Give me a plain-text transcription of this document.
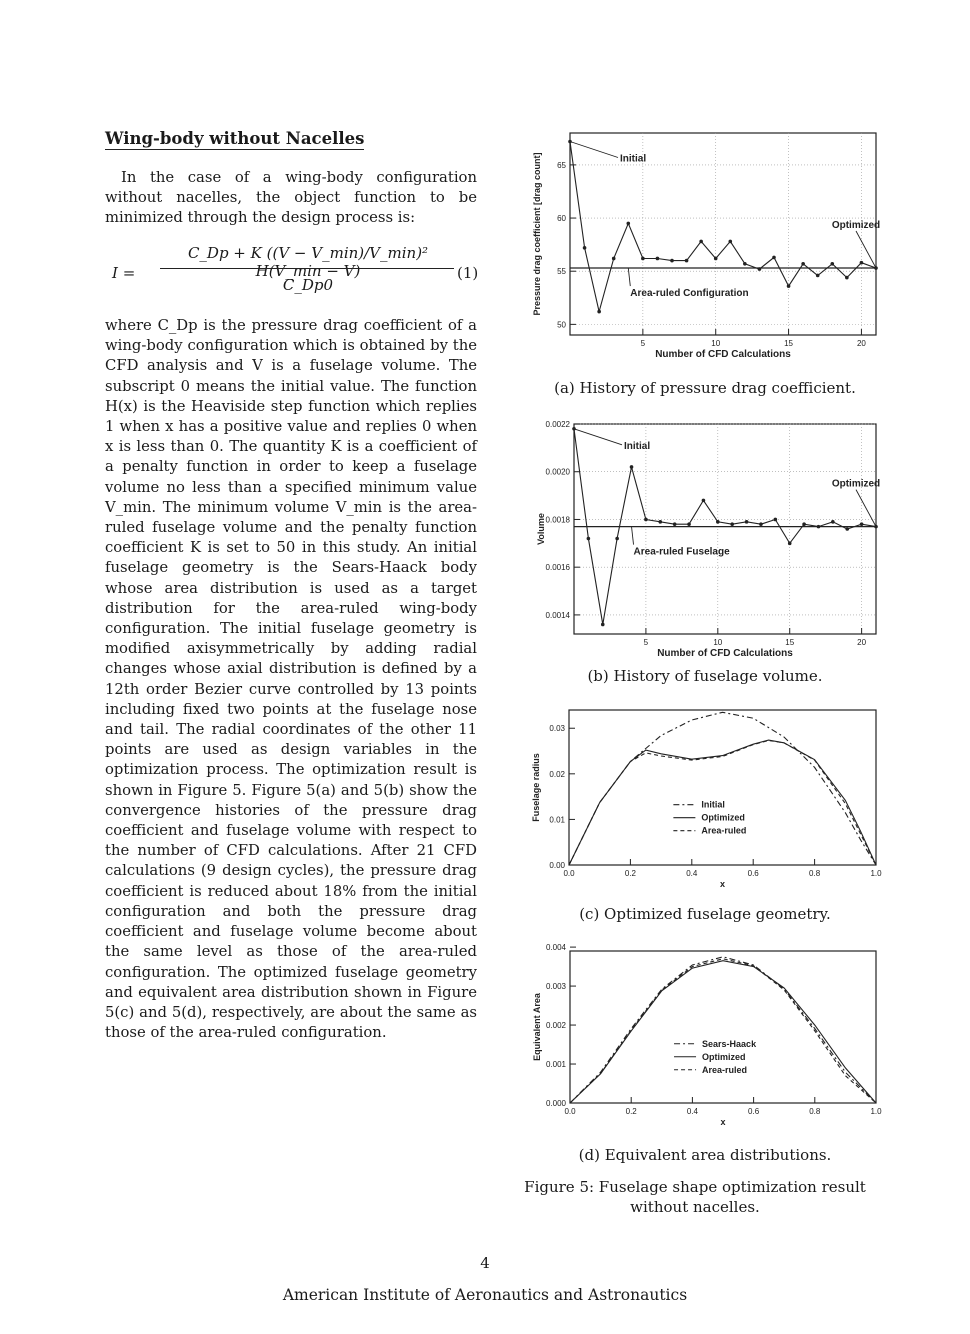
Wing-body without Nacelles
In the case of a wing-body configuration without nacelles, the object function to be minimized through the design process is:
I =
C_Dp + K ((V − V_min)/V_min)² H(V_min − V)
C_Dp0
(1)
where C_Dp is the pressure drag coefficient of a wing-body configuration which is obtained by the CFD analysis and V is a fuselage volume. The subscript 0 means the initial value. The function H(x) is the Heaviside step function which replies 1 when x has a positive value and replies 0 when x is less than 0. The quantity K is a coefficient of a penalty function in order to keep a fuselage volume no less than a specified minimum value V_min. The minimum volume V_min is the area-ruled fuselage volume and the penalty function coefficient K is set to 50 in this study. An initial fuselage geometry is the Sears-Haack body whose area distribution is used as a target distribution for the area-ruled wing-body configuration. The initial fuselage geometry is modified axisymmetrically by adding radial changes whose axial distribution is defined by a 12th order Bezier curve controlled by 13 points including fixed two points at the fuselage nose and tail. The radial coordinates of the other 11 points are used as design variables in the optimization process. The optimization result is shown in Figure 5. Figure 5(a) and 5(b) show the convergence histories of the pressure drag coefficient and fuselage volume with respect to the number of CFD calculations. After 21 CFD calculations (9 design cycles), the pressure drag coefficient is reduced about 18% from the initial configuration and both the pressure drag coefficient and fuselage volume become about the same level as those of the area-ruled configuration. The optimized fuselage geometry and equivalent area distribution shown in Figure 5(c) and 5(d), respectively, are about the same as those of the area-ruled configuration.
50
55
60
65
5	10	15	20
Number of CFD Calculations
Pressure drag coefficient [drag count]	Initial
Optimized
Area-ruled Configuration
(a) History of pressure drag coefficient.
0.0014
0.0016
0.0018
0.0020
0.0022
5	10	15	20
Number of CFD Calculations
Volume
Initial
Optimized
Area-ruled Fuselage
(b) History of fuselage volume.
0.00
0.01
0.02
0.03
0.0	0.2	0.4	0.6	0.8	1.0
x
Fuselage radius	Initial
Optimized
Area-ruled
(c) Optimized fuselage geometry.
0.000
0.001
0.002
0.003
0.004
0.0	0.2	0.4	0.6	0.8	1.0
x
Equivalent Area	Sears-Haack
Optimized
Area-ruled
(d) Equivalent area distributions.
Figure 5: Fuselage shape optimization result without nacelles.
4
American Institute of Aeronautics and Astronautics
